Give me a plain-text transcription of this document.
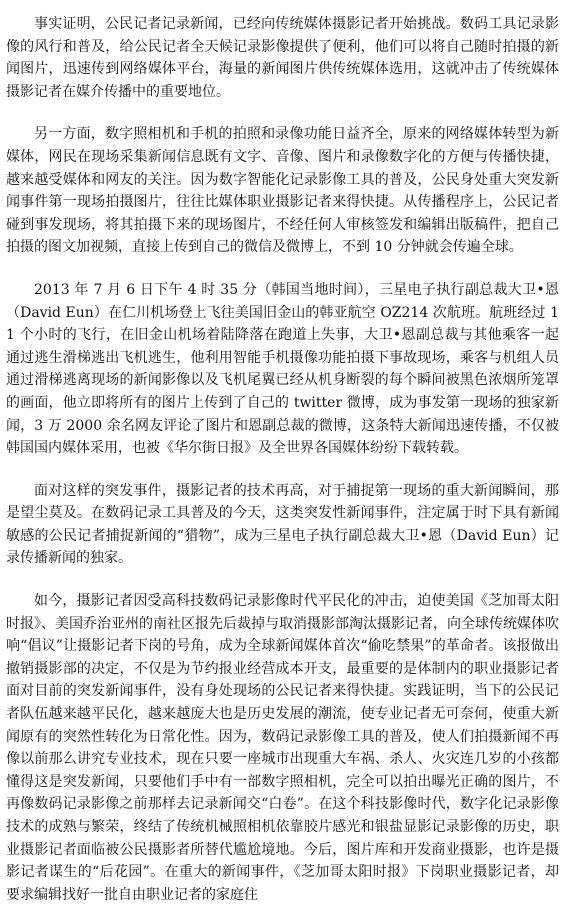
事实证明，公民记者记录新闻，已经向传统媒体摄影记者开始挑战。数码工具记录影像的风行和普及，给公民记者全天候记录影像提供了便利，他们可以将自己随时拍摄的新闻图片，迅速传到网络媒体平台，海量的新闻图片供传统媒体选用，这就冲击了传统媒体摄影记者在媒介传播中的重要地位。

另一方面，数字照相机和手机的拍照和录像功能日益齐全，原来的网络媒体转型为新媒体，网民在现场采集新闻信息既有文字、音像、图片和录像数字化的方便与传播快捷，越来越受媒体和网友的关注。因为数字智能化记录影像工具的普及，公民身处重大突发新闻事件第一现场拍摄图片，往往比媒体职业摄影记者来得快捷。从传播程序上，公民记者碰到事发现场，将其拍摄下来的现场图片，不经任何人审核签发和编辑出版稿件，把自己拍摄的图文加视频，直接上传到自己的微信及微博上，不到 10 分钟就会传遍全球。

2013 年 7 月 6 日下午 4 时 35 分（韩国当地时间），三星电子执行副总裁大卫•恩（David Eun）在仁川机场登上飞往美国旧金山的韩亚航空 OZ214 次航班。航班经过 11 个小时的飞行，在旧金山机场着陆降落在跑道上失事，大卫•恩副总裁与其他乘客一起通过逃生滑梯逃出飞机逃生，他利用智能手机摄像功能拍摄下事故现场，乘客与机组人员通过滑梯逃离现场的新闻影像以及飞机尾翼已经从机身断裂的每个瞬间被黑色浓烟所笼罩的画面，他立即将所有的图片上传到了自己的 twitter 微博，成为事发第一现场的独家新闻，3 万 2000 余名网友评论了图片和恩副总裁的微博，这条特大新闻迅速传播，不仅被韩国国内媒体采用，也被《华尔街日报》及全世界各国媒体纷纷下载转载。

面对这样的突发事件，摄影记者的技术再高，对于捕捉第一现场的重大新闻瞬间，那是望尘莫及。在数码记录工具普及的今天，这类突发性新闻事件，注定属于时下具有新闻敏感的公民记者捕捉新闻的“猎物”，成为三星电子执行副总裁大卫•恩（David Eun）记录传播新闻的独家。

如今，摄影记者因受高科技数码记录影像时代平民化的冲击，迫使美国《芝加哥太阳时报》、美国乔治亚州的南社区报先后裁掉与取消摄影部淘汰摄影记者，向全球传统媒体吹响“倡议”让摄影记者下岗的号角，成为全球新闻媒体首次“偷吃禁果”的革命者。该报做出撤销摄影部的决定，不仅是为节约报业经营成本开支，最重要的是体制内的职业摄影记者面对目前的突发新闻事件，没有身处现场的公民记者来得快捷。实践证明，当下的公民记者队伍越来越平民化，越来越庞大也是历史发展的潮流，使专业记者无可奈何，使重大新闻原有的突然性转化为日常化性。因为，数码记录影像工具的普及，使人们拍摄新闻不再像以前那么讲究专业技术，现在只要一座城市出现重大车祸、杀人、火灾连几岁的小孩都懂得这是突发新闻，只要他们手中有一部数字照相机，完全可以拍出曝光正确的图片，不再像数码记录影像之前那样去记录新闻交“白卷”。在这个科技影像时代，数字化记录影像技术的成熟与繁荣，终结了传统机械照相机依靠胶片感光和银盐显影记录影像的历史，职业摄影记者面临被公民摄影者所替代尴尬境地。今后，图片库和开发商业摄影，也许是摄影记者谋生的“后花园”。在重大的新闻事件，《芝加哥太阳时报》下岗职业摄影记者，却要求编辑找好一批自由职业记者的家庭住
